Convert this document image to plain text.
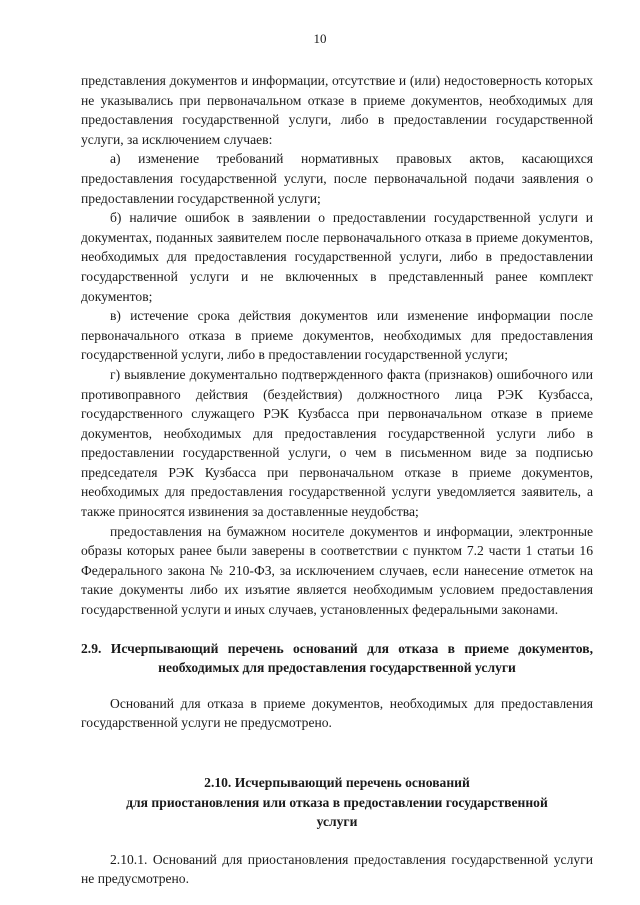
10

представления документов и информации, отсутствие и (или) недостоверность которых не указывались при первоначальном отказе в приеме документов, необходимых для предоставления государственной услуги, либо в предоставлении государственной услуги, за исключением случаев:

а) изменение требований нормативных правовых актов, касающихся предоставления государственной услуги, после первоначальной подачи заявления о предоставлении государственной услуги;

б) наличие ошибок в заявлении о предоставлении государственной услуги и документах, поданных заявителем после первоначального отказа в приеме документов, необходимых для предоставления государственной услуги, либо в предоставлении государственной услуги и не включенных в представленный ранее комплект документов;

в) истечение срока действия документов или изменение информации после первоначального отказа в приеме документов, необходимых для предоставления государственной услуги, либо в предоставлении государственной услуги;

г) выявление документально подтвержденного факта (признаков) ошибочного или противоправного действия (бездействия) должностного лица РЭК Кузбасса, государственного служащего РЭК Кузбасса при первоначальном отказе в приеме документов, необходимых для предоставления государственной услуги либо в предоставлении государственной услуги, о чем в письменном виде за подписью председателя РЭК Кузбасса при первоначальном отказе в приеме документов, необходимых для предоставления государственной услуги уведомляется заявитель, а также приносятся извинения за доставленные неудобства;

предоставления на бумажном носителе документов и информации, электронные образы которых ранее были заверены в соответствии с пунктом 7.2 части 1 статьи 16 Федерального закона № 210-ФЗ, за исключением случаев, если нанесение отметок на такие документы либо их изъятие является необходимым условием предоставления государственной услуги и иных случаев, установленных федеральными законами.

2.9. Исчерпывающий перечень оснований для отказа в приеме документов,
необходимых для предоставления государственной услуги

Оснований для отказа в приеме документов, необходимых для предоставления государственной услуги не предусмотрено.

2.10. Исчерпывающий перечень оснований
для приостановления или отказа в предоставлении государственной
услуги

2.10.1. Оснований для приостановления предоставления государственной услуги не предусмотрено.
